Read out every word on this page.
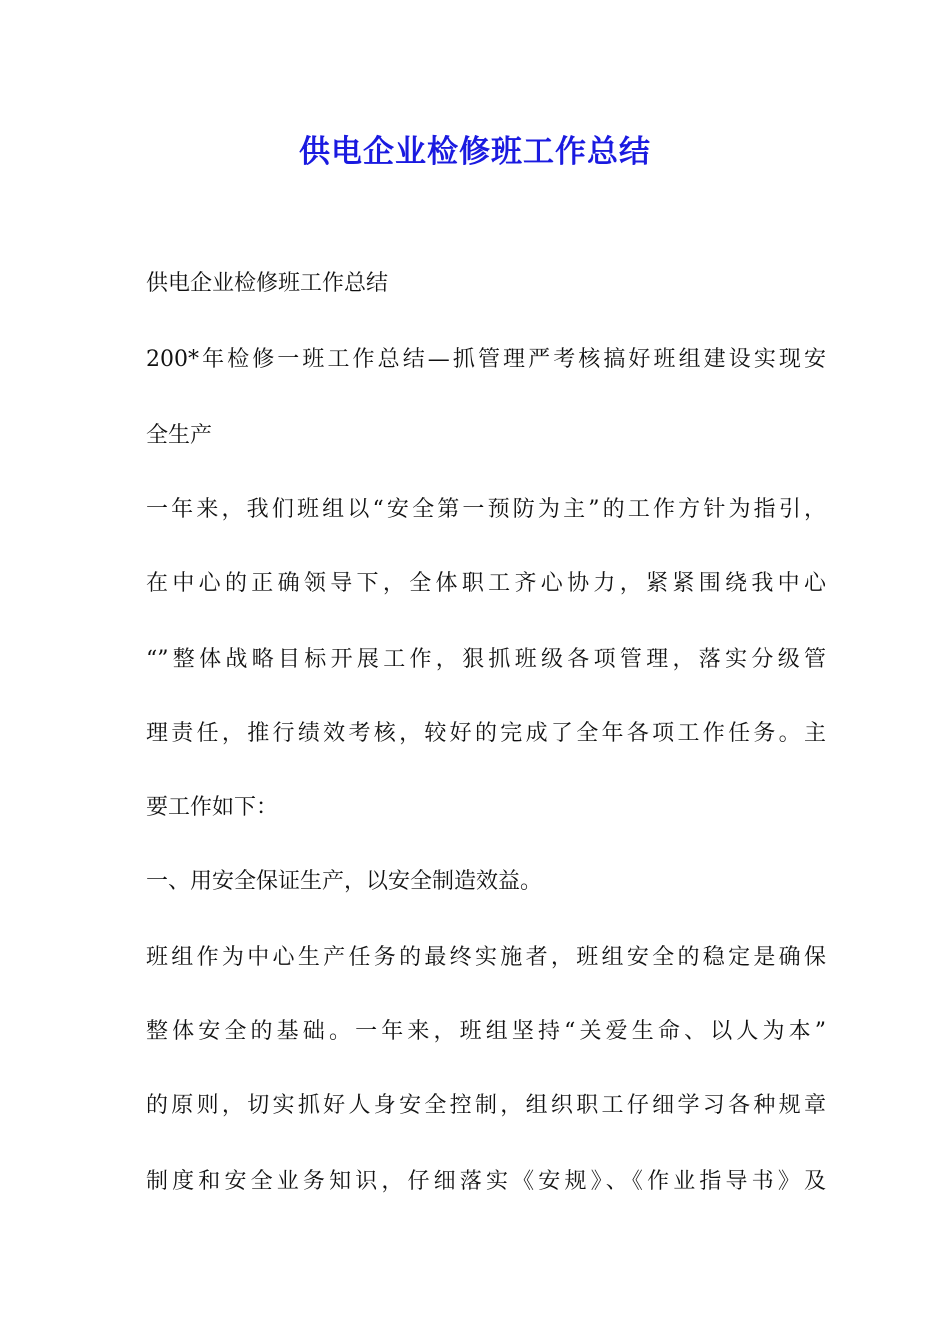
供电企业检修班工作总结
供电企业检修班工作总结
200*年检修一班工作总结—抓管理严考核搞好班组建设实现安
全生产
一年来，我们班组以“安全第一预防为主”的工作方针为指引，
在中心的正确领导下，全体职工齐心协力，紧紧围绕我中心
“”整体战略目标开展工作，狠抓班级各项管理，落实分级管
理责任，推行绩效考核，较好的完成了全年各项工作任务。主
要工作如下：
一、用安全保证生产，以安全制造效益。
班组作为中心生产任务的最终实施者，班组安全的稳定是确保
整体安全的基础。一年来，班组坚持“关爱生命、以人为本”
的原则，切实抓好人身安全控制，组织职工仔细学习各种规章
制度和安全业务知识，仔细落实《安规》、《作业指导书》及
